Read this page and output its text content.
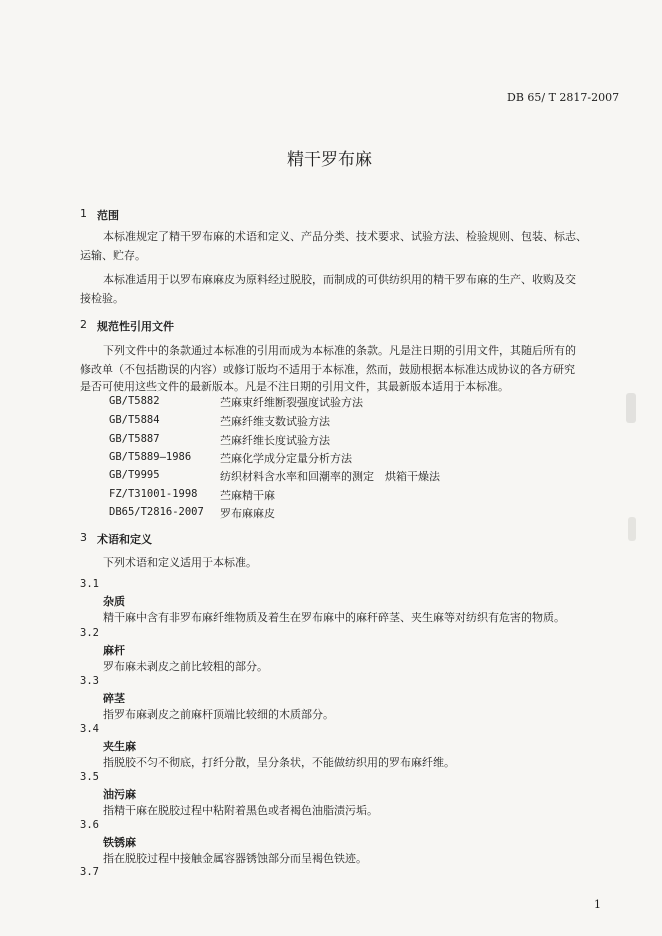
DB 65/ T 2817-2007
精干罗布麻
1 范围
本标准规定了精干罗布麻的术语和定义、产品分类、技术要求、试验方法、检验规则、包装、标志、
运输、贮存。
本标准适用于以罗布麻麻皮为原料经过脱胶，而制成的可供纺织用的精干罗布麻的生产、收购及交
接检验。
2 规范性引用文件
下列文件中的条款通过本标准的引用而成为本标准的条款。凡是注日期的引用文件，其随后所有的
修改单（不包括勘误的内容）或修订版均不适用于本标准，然而，鼓励根据本标准达成协议的各方研究
是否可使用这些文件的最新版本。凡是不注日期的引用文件，其最新版本适用于本标准。
GB/T5882	苎麻束纤维断裂强度试验方法
GB/T5884	苎麻纤维支数试验方法
GB/T5887	苎麻纤维长度试验方法
GB/T5889—1986	苎麻化学成分定量分析方法
GB/T9995	纺织材料含水率和回潮率的测定　烘箱干燥法
FZ/T31001-1998 苎麻精干麻
DB65/T2816-2007 罗布麻麻皮
3 术语和定义
下列术语和定义适用于本标准。
3.1
杂质
精干麻中含有非罗布麻纤维物质及着生在罗布麻中的麻秆碎茎、夹生麻等对纺织有危害的物质。
3.2
麻杆
罗布麻未剥皮之前比较粗的部分。
3.3
碎茎
指罗布麻剥皮之前麻杆顶端比较细的木质部分。
3.4
夹生麻
指脱胶不匀不彻底，打纤分散，呈分条状，不能做纺织用的罗布麻纤维。
3.5
油污麻
指精干麻在脱胶过程中粘附着黑色或者褐色油脂渍污垢。
3.6
铁锈麻
指在脱胶过程中接触金属容器锈蚀部分而呈褐色铁迹。
3.7
1
